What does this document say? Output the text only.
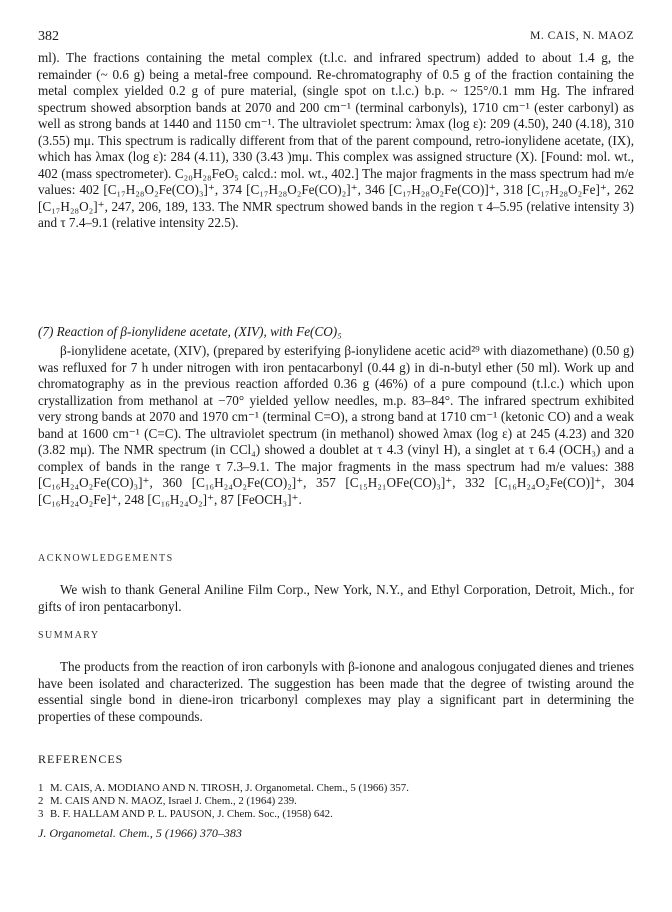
382	M. CAIS, N. MAOZ

ml). The fractions containing the metal complex (t.l.c. and infrared spectrum) added to about 1.4 g, the remainder (~ 0.6 g) being a metal-free compound. Re-chromatography of 0.5 g of the fraction containing the metal complex yielded 0.2 g of pure material, (single spot on t.l.c.) b.p. ~ 125°/0.1 mm Hg. The infrared spectrum showed absorption bands at 2070 and 200 cm⁻¹ (terminal carbonyls), 1710 cm⁻¹ (ester carbonyl) as well as strong bands at 1440 and 1150 cm⁻¹. The ultraviolet spectrum: λmax (log ε): 209 (4.50), 240 (4.18), 310 (3.55) mμ. This spectrum is radically different from that of the parent compound, retro-ionylidene acetate, (IX), which has λmax (log ε): 284 (4.11), 330 (3.43 )mμ. This complex was assigned structure (X). [Found: mol. wt., 402 (mass spectrometer). C₂₀H₂₈FeO₅ calcd.: mol. wt., 402.] The major fragments in the mass spectrum had m/e values: 402 [C₁₇H₂₈O₂Fe(CO)₃]⁺, 374 [C₁₇H₂₈O₂Fe(CO)₂]⁺, 346 [C₁₇H₂₈O₂Fe(CO)]⁺, 318 [C₁₇H₂₈O₂Fe]⁺, 262 [C₁₇H₂₈O₂]⁺, 247, 206, 189, 133. The NMR spectrum showed bands in the region τ 4–5.95 (relative intensity 3) and τ 7.4–9.1 (relative intensity 22.5).

(7) Reaction of β-ionylidene acetate, (XIV), with Fe(CO)₅

β-ionylidene acetate, (XIV), (prepared by esterifying β-ionylidene acetic acid²⁹ with diazomethane) (0.50 g) was refluxed for 7 h under nitrogen with iron pentacarbonyl (0.44 g) in di-n-butyl ether (50 ml). Work up and chromatography as in the previous reaction afforded 0.36 g (46%) of a pure compound (t.l.c.) which upon crystallization from methanol at −70° yielded yellow needles, m.p. 83–84°. The infrared spectrum exhibited very strong bands at 2070 and 1970 cm⁻¹ (terminal C=O), a strong band at 1710 cm⁻¹ (ketonic CO) and a weak band at 1600 cm⁻¹ (C=C). The ultraviolet spectrum (in methanol) showed λmax (log ε) at 245 (4.23) and 320 (3.82 mμ). The NMR spectrum (in CCl₄) showed a doublet at τ 4.3 (vinyl H), a singlet at τ 6.4 (OCH₃) and a complex of bands in the range τ 7.3–9.1. The major fragments in the mass spectrum had m/e values: 388 [C₁₆H₂₄O₂Fe(CO)₃]⁺, 360 [C₁₆H₂₄O₂Fe(CO)₂]⁺, 357 [C₁₅H₂₁OFe(CO)₃]⁺, 332 [C₁₆H₂₄O₂Fe(CO)]⁺, 304 [C₁₆H₂₄O₂Fe]⁺, 248 [C₁₆H₂₄O₂]⁺, 87 [FeOCH₃]⁺.

ACKNOWLEDGEMENTS

We wish to thank General Aniline Film Corp., New York, N.Y., and Ethyl Corporation, Detroit, Mich., for gifts of iron pentacarbonyl.

SUMMARY

The products from the reaction of iron carbonyls with β-ionone and analogous conjugated dienes and trienes have been isolated and characterized. The suggestion has been made that the degree of twisting around the essential single bond in diene-iron tricarbonyl complexes may play a significant part in determining the properties of these compounds.

REFERENCES
1 M. CAIS, A. MODIANO AND N. TIROSH, J. Organometal. Chem., 5 (1966) 357.
2 M. CAIS AND N. MAOZ, Israel J. Chem., 2 (1964) 239.
3 B. F. HALLAM AND P. L. PAUSON, J. Chem. Soc., (1958) 642.
J. Organometal. Chem., 5 (1966) 370–383
